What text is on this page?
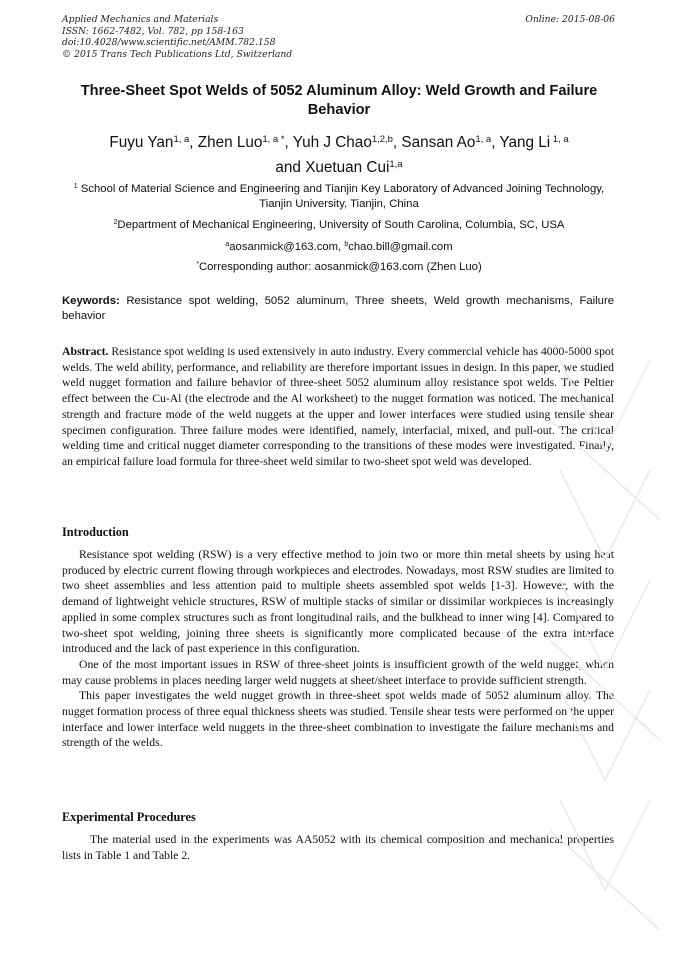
Applied Mechanics and Materials
ISSN: 1662-7482, Vol. 782, pp 158-163
doi:10.4028/www.scientific.net/AMM.782.158
© 2015 Trans Tech Publications Ltd, Switzerland
Online: 2015-08-06
Three-Sheet Spot Welds of 5052 Aluminum Alloy: Weld Growth and Failure Behavior
Fuyu Yan$^{1, a}$, Zhen Luo$^{1, a *}$, Yuh J Chao$^{1,2,b}$, Sansan Ao$^{1, a}$, Yang Li $^{1, a}$
and Xuetuan Cui$^{1,a}$
$^1$ School of Material Science and Engineering and Tianjin Key Laboratory of Advanced Joining Technology, Tianjin University, Tianjin, China
$^2$Department of Mechanical Engineering, University of South Carolina, Columbia, SC, USA
$^a$aosanmick@163.com, $^b$chao.bill@gmail.com
*Corresponding author: aosanmick@163.com (Zhen Luo)
Keywords: Resistance spot welding, 5052 aluminum, Three sheets, Weld growth mechanisms, Failure behavior

Abstract. Resistance spot welding is used extensively in auto industry. Every commercial vehicle has 4000-5000 spot welds. The weld ability, performance, and reliability are therefore important issues in design. In this paper, we studied weld nugget formation and failure behavior of three-sheet 5052 aluminum alloy resistance spot welds. The Peltier effect between the Cu-Al (the electrode and the Al worksheet) to the nugget formation was noticed. The mechanical strength and fracture mode of the weld nuggets at the upper and lower interfaces were studied using tensile shear specimen configuration. Three failure modes were identified, namely, interfacial, mixed, and pull-out. The critical welding time and critical nugget diameter corresponding to the transitions of these modes were investigated. Finally, an empirical failure load formula for three-sheet weld similar to two-sheet spot weld was developed.

Introduction

Resistance spot welding (RSW) is a very effective method to join two or more thin metal sheets by using heat produced by electric current flowing through workpieces and electrodes. Nowadays, most RSW studies are limited to two sheet assemblies and less attention paid to multiple sheets assembled spot welds [1-3]. However, with the demand of lightweight vehicle structures, RSW of multiple stacks of similar or dissimilar workpieces is increasingly applied in some complex structures such as front longitudinal rails, and the bulkhead to inner wing [4]. Compared to two-sheet spot welding, joining three sheets is significantly more complicated because of the extra interface introduced and the lack of past experience in this configuration.

One of the most important issues in RSW of three-sheet joints is insufficient growth of the weld nugget, which may cause problems in places needing larger weld nuggets at sheet/sheet interface to provide sufficient strength.

This paper investigates the weld nugget growth in three-sheet spot welds made of 5052 aluminum alloy. The nugget formation process of three equal thickness sheets was studied. Tensile shear tests were performed on the upper interface and lower interface weld nuggets in the three-sheet combination to investigate the failure mechanisms and strength of the welds.

Experimental Procedures

The material used in the experiments was AA5052 with its chemical composition and mechanical properties lists in Table 1 and Table 2.
